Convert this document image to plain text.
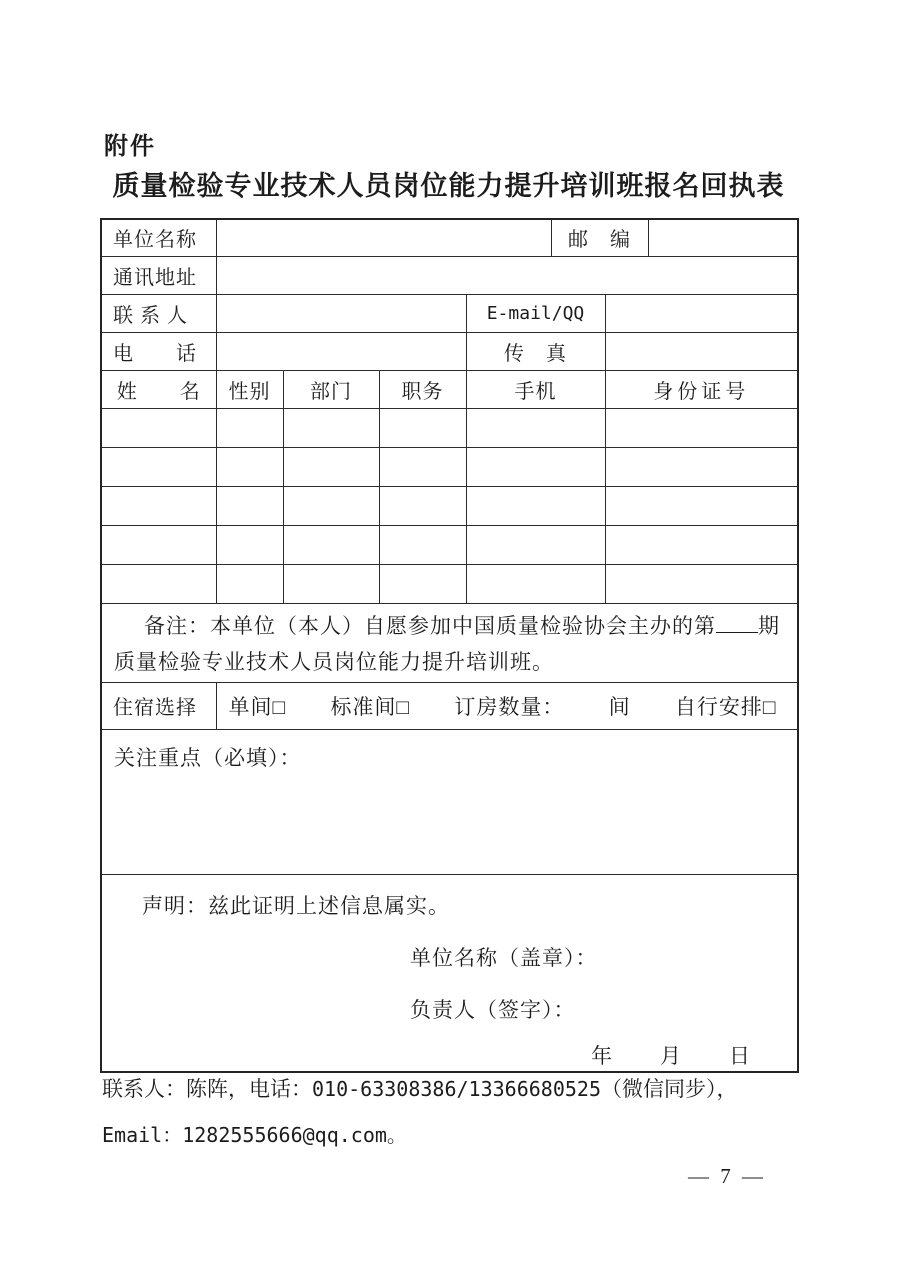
附件
质量检验专业技术人员岗位能力提升培训班报名回执表
单位名称					邮　编		
通讯地址							
联 系 人				E-mail/QQ			
电　　话				传　真			
姓　　名	性别	部门	职务	手机		身份证号	

备注：本单位（本人）自愿参加中国质量检验协会主办的第 期
质量检验专业技术人员岗位能力提升培训班。							

住宿选择	单间□ 标准间□ 订房数量： 间 自行安排□						

关注重点（必填）：							

声明：兹此证明上述信息属实。
单位名称（盖章）：
负责人（签字）：
年　　月　　日							
联系人：陈阵，电话：010-63308386/13366680525（微信同步），
Email：1282555666@qq.com。
— 7 —
